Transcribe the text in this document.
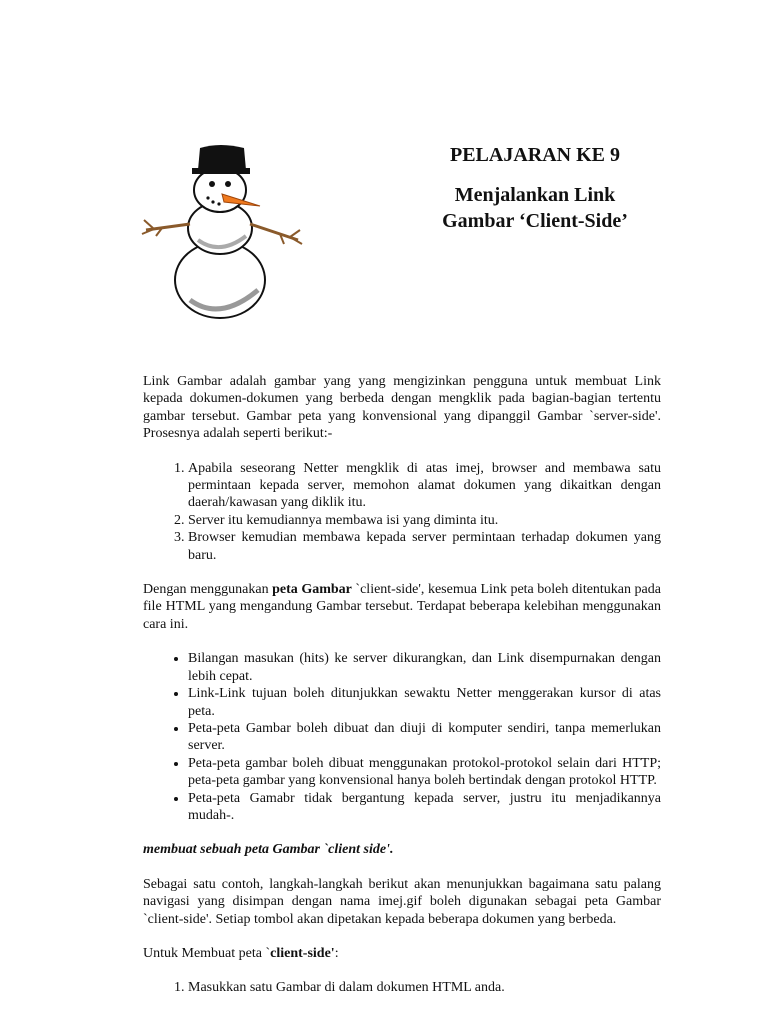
PELAJARAN KE 9
Menjalankan Link
Gambar ‘Client-Side’

Link Gambar adalah gambar yang yang mengizinkan pengguna untuk membuat Link kepada dokumen-dokumen yang berbeda dengan mengklik pada bagian-bagian tertentu gambar tersebut. Gambar peta yang konvensional yang dipanggil Gambar `server-side'. Prosesnya adalah seperti berikut:-

1. Apabila seseorang Netter mengklik di atas imej, browser and membawa satu permintaan kepada server, memohon alamat dokumen yang dikaitkan dengan daerah/kawasan yang diklik itu.
2. Server itu kemudiannya membawa isi yang diminta itu.
3. Browser kemudian membawa kepada server permintaan terhadap dokumen yang baru.

Dengan menggunakan peta Gambar `client-side', kesemua Link peta boleh ditentukan pada file HTML yang mengandung Gambar tersebut. Terdapat beberapa kelebihan menggunakan cara ini.

• Bilangan masukan (hits) ke server dikurangkan, dan Link disempurnakan dengan lebih cepat.
• Link-Link tujuan boleh ditunjukkan sewaktu Netter menggerakan kursor di atas peta.
• Peta-peta Gambar boleh dibuat dan diuji di komputer sendiri, tanpa memerlukan server.
• Peta-peta gambar boleh dibuat menggunakan protokol-protokol selain dari HTTP; peta-peta gambar yang konvensional hanya boleh bertindak dengan protokol HTTP.
• Peta-peta Gamabr tidak bergantung kepada server, justru itu menjadikannya mudah-.

membuat sebuah peta Gambar `client side'.

Sebagai satu contoh, langkah-langkah berikut akan menunjukkan bagaimana satu palang navigasi yang disimpan dengan nama imej.gif boleh digunakan sebagai peta Gambar `client-side'. Setiap tombol akan dipetakan kepada beberapa dokumen yang berbeda.

Untuk Membuat peta `client-side':

1. Masukkan satu Gambar di dalam dokumen HTML anda.
